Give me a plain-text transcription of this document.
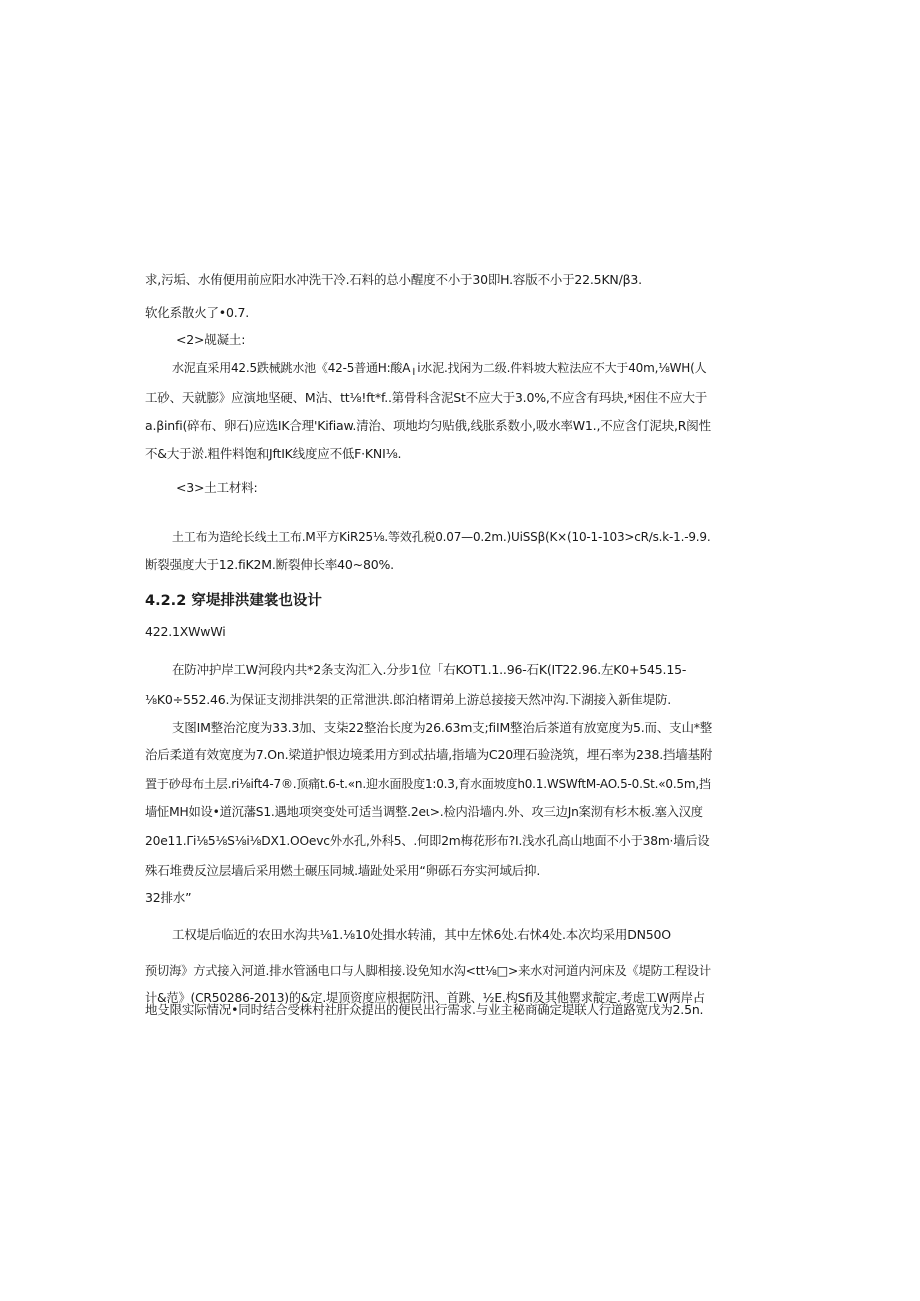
求,污垢、水侑便用前应阳水冲洗干冷.石料的总小醒度不小于30即H.容版不小于22.5KN∕β3.

软化系散火了•0.7.

<2>觇凝土:

水泥直采用42.5跌械跳水池《42-5普通H:酸A╷i水泥.找闲为二级.件料坡大粒法应不大于40m,⅛WH(人

工砂、天就膨》应演地坚硬、M沾、tt⅛!ft*f..第骨科含泥St不应大于3.0%,不应含有玛块,*困住不应大于

a.βinfi(碎布、卵石)应选IK合理'Kifiaw.清治、项地均匀贴俄,线胀系数小,吸水率W1.,不应含仃泥块,R阂性

不&大于淤.粗件料饱和JftIK线度应不低F·KNI⅛.

<3>土工材料:

土工布为造纶长线土工布.M平方KiR25⅛.等效孔税0.07—0.2m.)UiSSβ(K×(10-1-103>cR∕s.k-1.-9.9.

断裂强度大于12.fiK2M.断裂伸长率40~80%.

4.2.2 穿堤排洪建裳也设计

422.1XWwWi

在防冲护岸工W河段内共*2条支沟汇入.分步1位「右KOT1.1..96-石K(IT22.96.左K0+545.15-

⅛K0÷552.46.为保证支沏排洪架的正常泄洪.郎泊楮谓弟上游总接接天然冲沟.下湖接入新隹堤防.

支图IM整治沱度为33.3加、支柒22整治长度为26.63m支;fiIM整治后茶道有放宽度为5.而、支山*整

治后柔道有效宽度为7.On.梁道护恨边境柔用方到忒拈墙,指墙为C20理石验浇筑，埋石率为238.挡墙基附

置于砂母布土层.ri⅛ift4-7®.顶痛t.6-t.«n.迎水面股度1:0.3,育水面坡度h0.1.WSWftM-AO.5-0.St.«0.5m,挡

墙怔MH如设•道沉藩S1.遇地项突变处可适当调整.2eι>.检内沿墙内.外、攻三边Jn案沏有杉木板.塞入汉度

20e11.Γi⅛5⅛S⅛i⅛DX1.OOevc外水孔,外科5、.何即2m梅花形布?I.浅水孔高山地面不小于38m·墙后设

殊石堆费反泣层墙后采用燃土碾压同城.墙趾处采用“卵砾石夯实河域后抑.

32排水”

工权堤后临近的农田水沟共⅛1.⅛10处揖水转浦，其中左怵6处.右怵4处.本次均采用DN50O

预切海》方式接入河道.排水管涵电口与人脚相接.设免知水沟<tt⅛□>来水对河道内河床及《堤防工程设计

计&范》(CR50286-2013)的&定.堤顶资度应根据防汛、首跳、½E.构Sfi及其他罂求靛定.考虑工W两岸占

地殳限实际情况•同时结合受株村社肝众提出的便民出行需求.与业主秘商确定堤联人行道路宽戊为2.5n.
